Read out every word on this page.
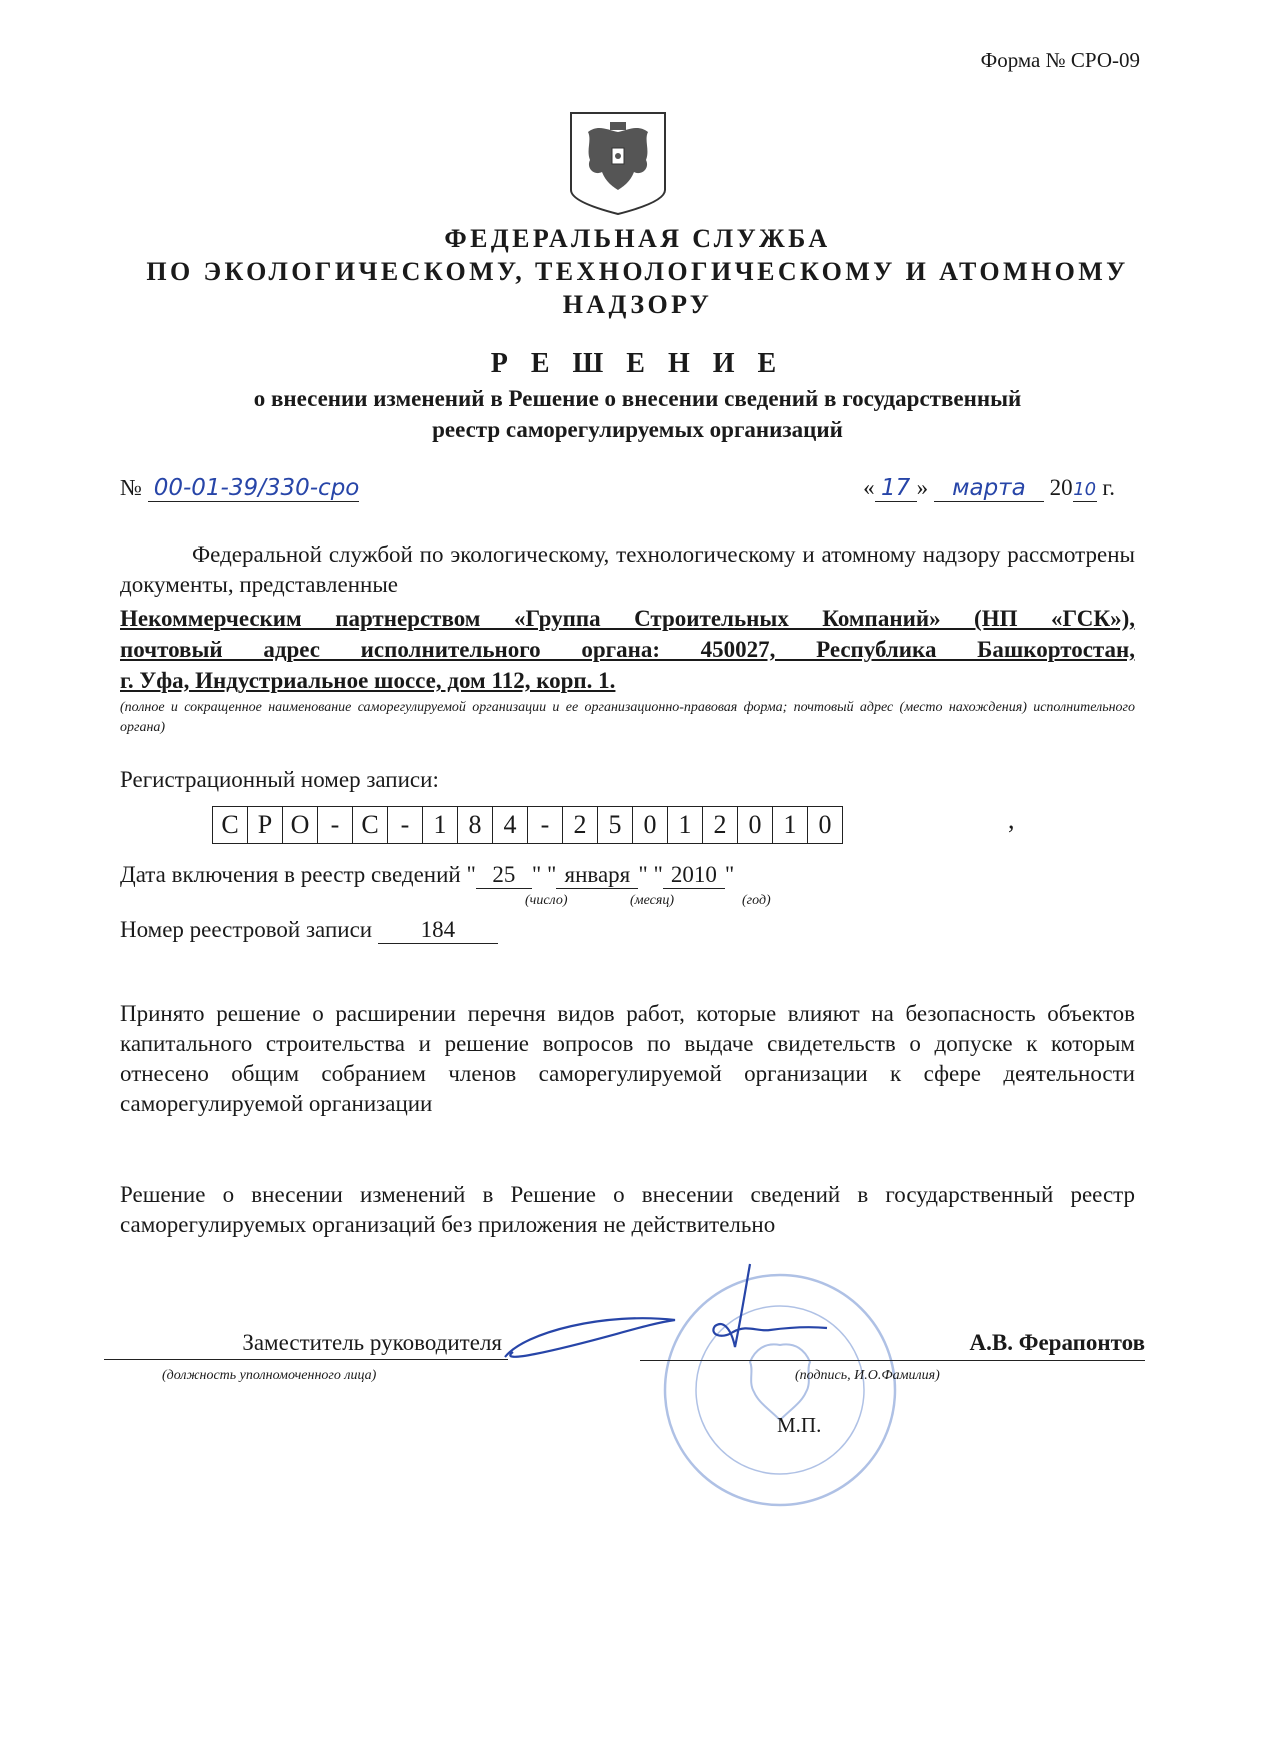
Форма № СРО-09
ФЕДЕРАЛЬНАЯ СЛУЖБА
ПО ЭКОЛОГИЧЕСКОМУ, ТЕХНОЛОГИЧЕСКОМУ И АТОМНОМУ
НАДЗОРУ
Р Е Ш Е Н И Е
о внесении изменений в Решение о внесении сведений в государственный
реестр саморегулируемых организаций
№ 00-01-39/330-сро	« 17 » марта 2010 г.
Федеральной службой по экологическому, технологическому и атомному надзору рассмотрены документы, представленные
Некоммерческим партнерством «Группа Строительных Компаний» (НП «ГСК»),
почтовый адрес исполнительного органа: 450027, Республика Башкортостан,
г. Уфа, Индустриальное шоссе, дом 112, корп. 1.
(полное и сокращенное наименование саморегулируемой организации и ее организационно-правовая форма; почтовый адрес (место нахождения) исполнительного органа)
Регистрационный номер записи:
С	Р	О	-	С	-	1	8	4	-	2	5	0	1	2	0	1	0	,
Дата включения в реестр сведений " 25 " " января " " 2010 "
(число)	(месяц)	(год)
Номер реестровой записи 184
Принято решение о расширении перечня видов работ, которые влияют на безопасность объектов капитального строительства и решение вопросов по выдаче свидетельств о допуске к которым отнесено общим собранием членов саморегулируемой организации к сфере деятельности саморегулируемой организации
Решение о внесении изменений в Решение о внесении сведений в государственный реестр саморегулируемых организаций без приложения не действительно
Заместитель руководителя
(должность уполномоченного лица)
А.В. Ферапонтов
(подпись, И.О.Фамилия)
М.П.
